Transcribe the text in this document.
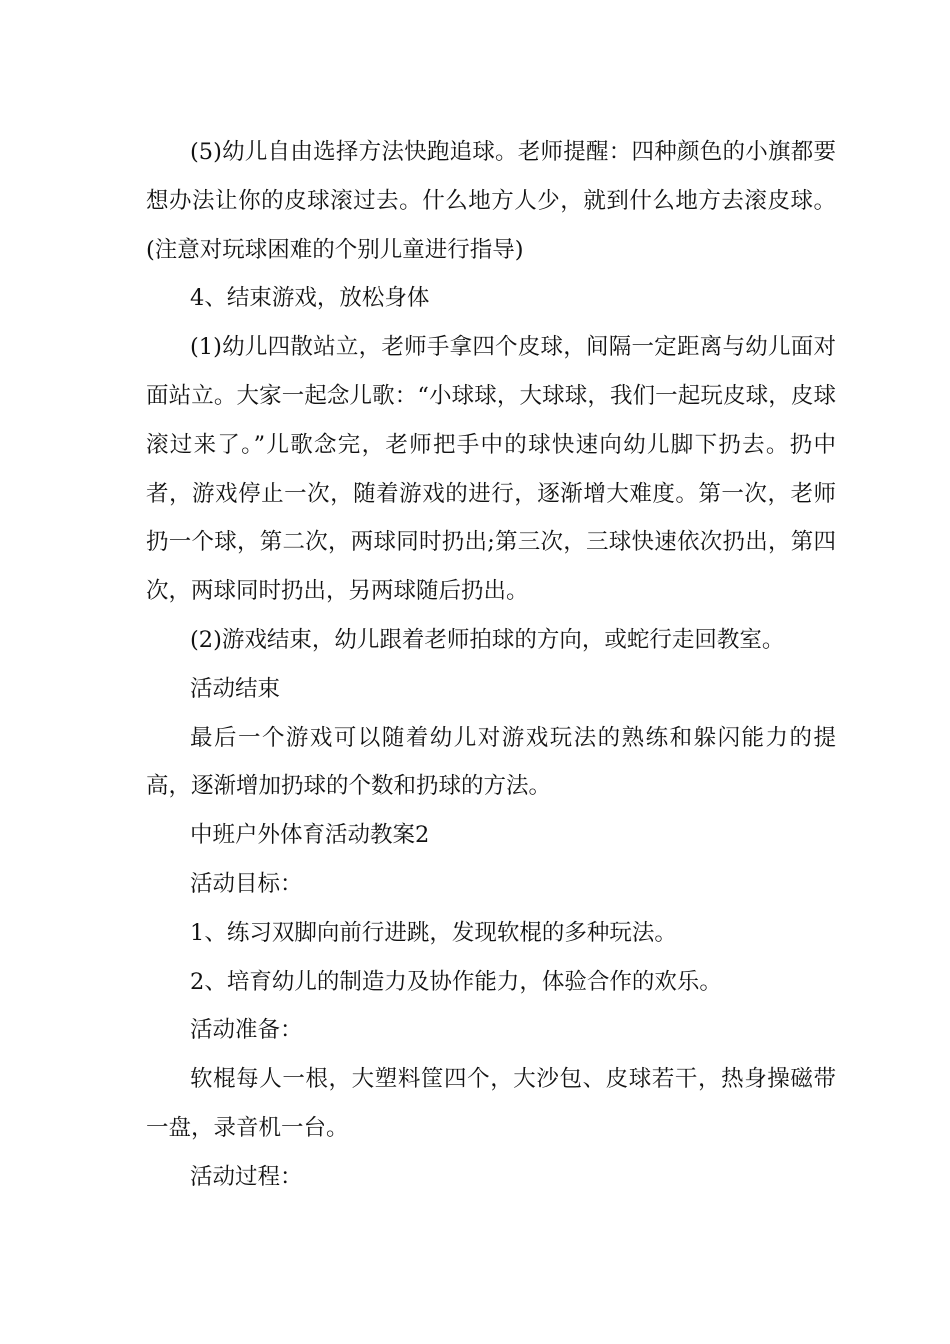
(5)幼儿自由选择方法快跑追球。老师提醒：四种颜色的小旗都要想办法让你的皮球滚过去。什么地方人少，就到什么地方去滚皮球。(注意对玩球困难的个别儿童进行指导)

4、结束游戏，放松身体

(1)幼儿四散站立，老师手拿四个皮球，间隔一定距离与幼儿面对面站立。大家一起念儿歌：“小球球，大球球，我们一起玩皮球，皮球滚过来了。”儿歌念完，老师把手中的球快速向幼儿脚下扔去。扔中者，游戏停止一次，随着游戏的进行，逐渐增大难度。第一次，老师扔一个球，第二次，两球同时扔出;第三次，三球快速依次扔出，第四次，两球同时扔出，另两球随后扔出。

(2)游戏结束，幼儿跟着老师拍球的方向，或蛇行走回教室。

活动结束

最后一个游戏可以随着幼儿对游戏玩法的熟练和躲闪能力的提高，逐渐增加扔球的个数和扔球的方法。

中班户外体育活动教案2

活动目标：

1、练习双脚向前行进跳，发现软棍的多种玩法。

2、培育幼儿的制造力及协作能力，体验合作的欢乐。

活动准备：

软棍每人一根，大塑料筐四个，大沙包、皮球若干，热身操磁带一盘，录音机一台。

活动过程：
